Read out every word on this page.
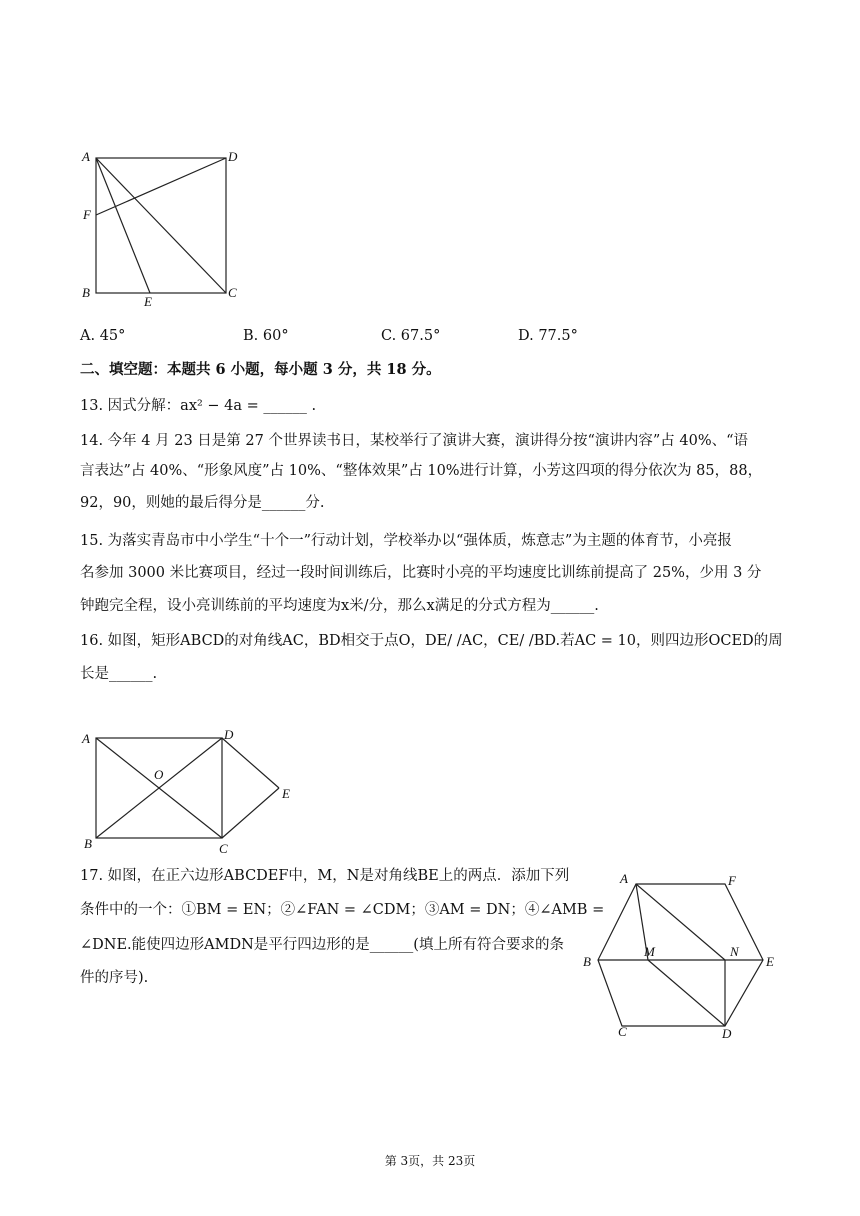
A	D
F
B
E
C
A. 45°	B. 60°	C. 67.5°	D. 77.5°
二、填空题：本题共 6 小题，每小题 3 分，共 18 分。
13. 因式分解：ax² − 4a = ______ .
14. 今年 4 月 23 日是第 27 个世界读书日，某校举行了演讲大赛，演讲得分按“演讲内容”占 40%、“语
言表达”占 40%、“形象风度”占 10%、“整体效果”占 10%进行计算，小芳这四项的得分依次为 85，88，
92，90，则她的最后得分是______分.
15. 为落实青岛市中小学生“十个一”行动计划，学校举办以“强体质，炼意志”为主题的体育节，小亮报
名参加 3000 米比赛项目，经过一段时间训练后，比赛时小亮的平均速度比训练前提高了 25%，少用 3 分
钟跑完全程，设小亮训练前的平均速度为x米/分，那么x满足的分式方程为______.
16. 如图，矩形ABCD的对角线AC，BD相交于点O，DE/ /AC，CE/ /BD.若AC = 10，则四边形OCED的周
长是______.
A	D
O
E
B	C
17. 如图，在正六边形ABCDEF中，M，N是对角线BE上的两点．添加下列
条件中的一个：①BM = EN；②∠FAN = ∠CDM；③AM = DN；④∠AMB =
∠DNE.能使四边形AMDN是平行四边形的是______(填上所有符合要求的条
件的序号).
A	F
B
M	N
E
C	D
第 3页，共 23页
